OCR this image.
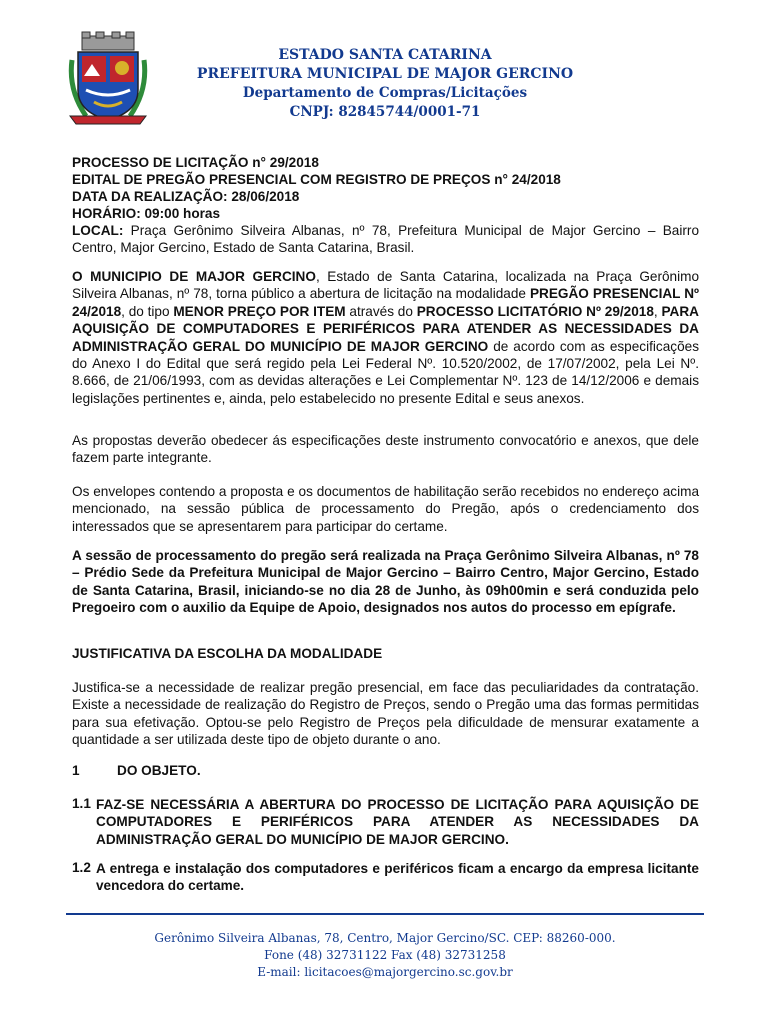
ESTADO SANTA CATARINA
PREFEITURA MUNICIPAL DE MAJOR GERCINO
Departamento de Compras/Licitações
CNPJ: 82845744/0001-71
PROCESSO DE LICITAÇÃO n° 29/2018
EDITAL DE PREGÃO PRESENCIAL COM REGISTRO DE PREÇOS n° 24/2018
DATA DA REALIZAÇÃO: 28/06/2018
HORÁRIO: 09:00 horas
LOCAL: Praça Gerônimo Silveira Albanas, nº 78, Prefeitura Municipal de Major Gercino – Bairro Centro, Major Gercino, Estado de Santa Catarina, Brasil.
O MUNICIPIO DE MAJOR GERCINO, Estado de Santa Catarina, localizada na Praça Gerônimo Silveira Albanas, nº 78, torna público a abertura de licitação na modalidade PREGÃO PRESENCIAL Nº 24/2018, do tipo MENOR PREÇO POR ITEM através do PROCESSO LICITATÓRIO Nº 29/2018, PARA AQUISIÇÃO DE COMPUTADORES E PERIFÉRICOS PARA ATENDER AS NECESSIDADES DA ADMINISTRAÇÃO GERAL DO MUNICÍPIO DE MAJOR GERCINO de acordo com as especificações do Anexo I do Edital que será regido pela Lei Federal Nº. 10.520/2002, de 17/07/2002, pela Lei Nº. 8.666, de 21/06/1993, com as devidas alterações e Lei Complementar Nº. 123 de 14/12/2006 e demais legislações pertinentes e, ainda, pelo estabelecido no presente Edital e seus anexos.
As propostas deverão obedecer ás especificações deste instrumento convocatório e anexos, que dele fazem parte integrante.
Os envelopes contendo a proposta e os documentos de habilitação serão recebidos no endereço acima mencionado, na sessão pública de processamento do Pregão, após o credenciamento dos interessados que se apresentarem para participar do certame.
A sessão de processamento do pregão será realizada na Praça Gerônimo Silveira Albanas, nº 78 – Prédio Sede da Prefeitura Municipal de Major Gercino – Bairro Centro, Major Gercino, Estado de Santa Catarina, Brasil, iniciando-se no dia 28 de Junho, às 09h00min e será conduzida pelo Pregoeiro com o auxilio da Equipe de Apoio, designados nos autos do processo em epígrafe.
JUSTIFICATIVA DA ESCOLHA DA MODALIDADE
Justifica-se a necessidade de realizar pregão presencial, em face das peculiaridades da contratação. Existe a necessidade de realização do Registro de Preços, sendo o Pregão uma das formas permitidas para sua efetivação. Optou-se pelo Registro de Preços pela dificuldade de mensurar exatamente a quantidade a ser utilizada deste tipo de objeto durante o ano.
1	DO OBJETO.
1.1 FAZ-SE NECESSÁRIA A ABERTURA DO PROCESSO DE LICITAÇÃO PARA AQUISIÇÃO DE COMPUTADORES E PERIFÉRICOS PARA ATENDER AS NECESSIDADES DA ADMINISTRAÇÃO GERAL DO MUNICÍPIO DE MAJOR GERCINO.
1.2 A entrega e instalação dos computadores e periféricos ficam a encargo da empresa licitante vencedora do certame.
Gerônimo Silveira Albanas, 78, Centro, Major Gercino/SC. CEP: 88260-000.
Fone (48) 32731122 Fax (48) 32731258
E-mail: licitacoes@majorgercino.sc.gov.br
